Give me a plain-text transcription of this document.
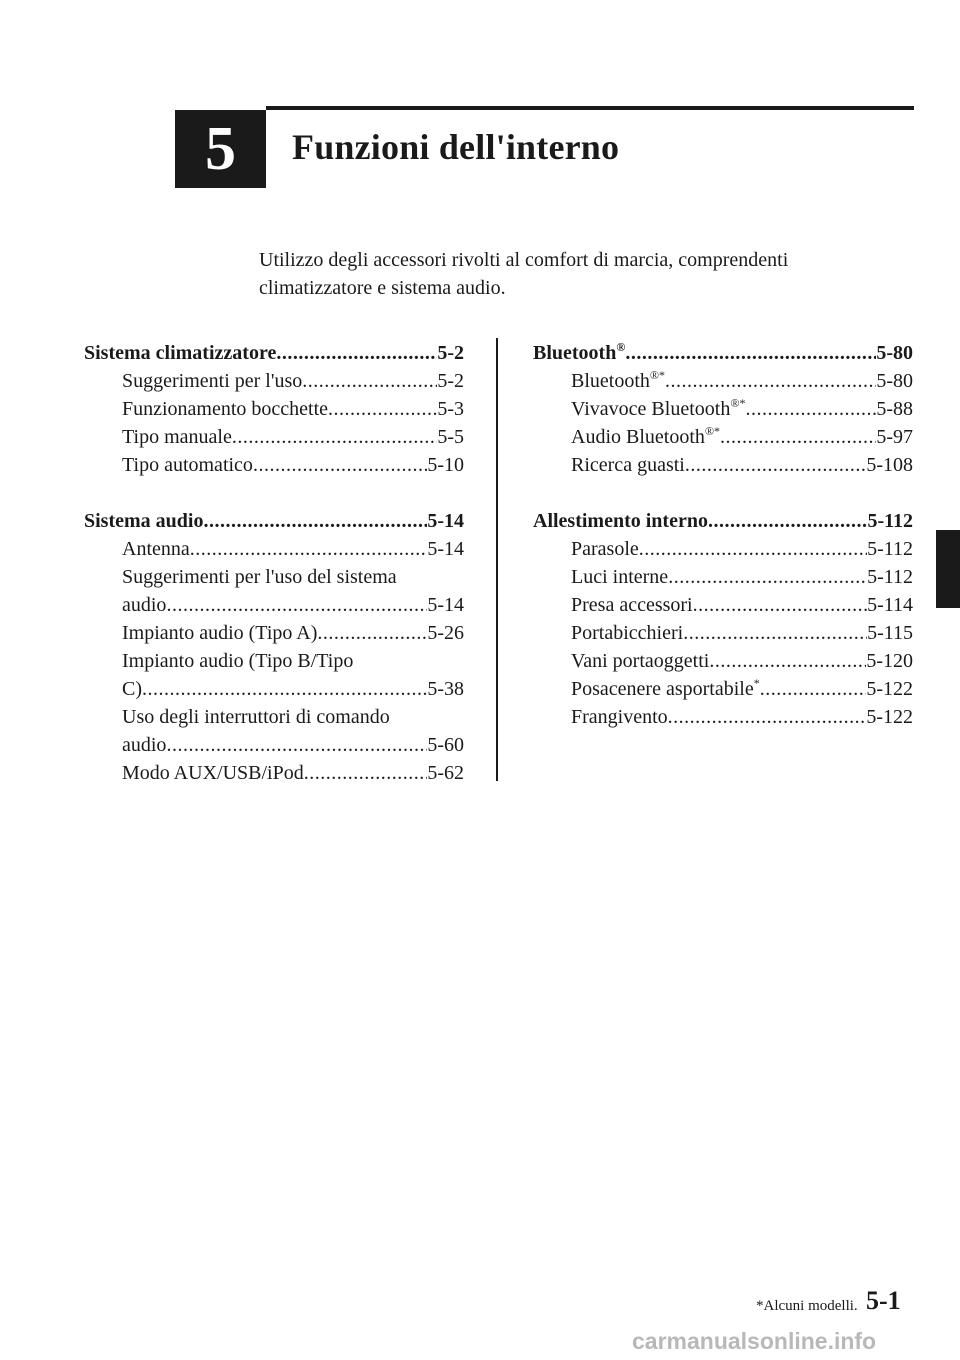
5	Funzioni dell'interno
Utilizzo degli accessori rivolti al comfort di marcia, comprendenti
climatizzatore e sistema audio.
Sistema climatizzatore .....	5-2
Suggerimenti per l'uso .....	5-2
Funzionamento bocchette .....	5-3
Tipo manuale .....	5-5
Tipo automatico .....	5-10
Sistema audio .....	5-14
Antenna .....	5-14
Suggerimenti per l'uso del sistema
audio .....	5-14
Impianto audio (Tipo A) .....	5-26
Impianto audio (Tipo B/Tipo
C) .....	5-38
Uso degli interruttori di comando
audio .....	5-60
Modo AUX/USB/iPod .....	5-62
Bluetooth® .....	5-80
Bluetooth®* .....	5-80
Vivavoce Bluetooth®* .....	5-88
Audio Bluetooth®* .....	5-97
Ricerca guasti .....	5-108
Allestimento interno .....	5-112
Parasole .....	5-112
Luci interne .....	5-112
Presa accessori .....	5-114
Portabicchieri .....	5-115
Vani portaoggetti .....	5-120
Posacenere asportabile* .....	5-122
Frangivento .....	5-122
*Alcuni modelli. 5-1
carmanualsonline.info
